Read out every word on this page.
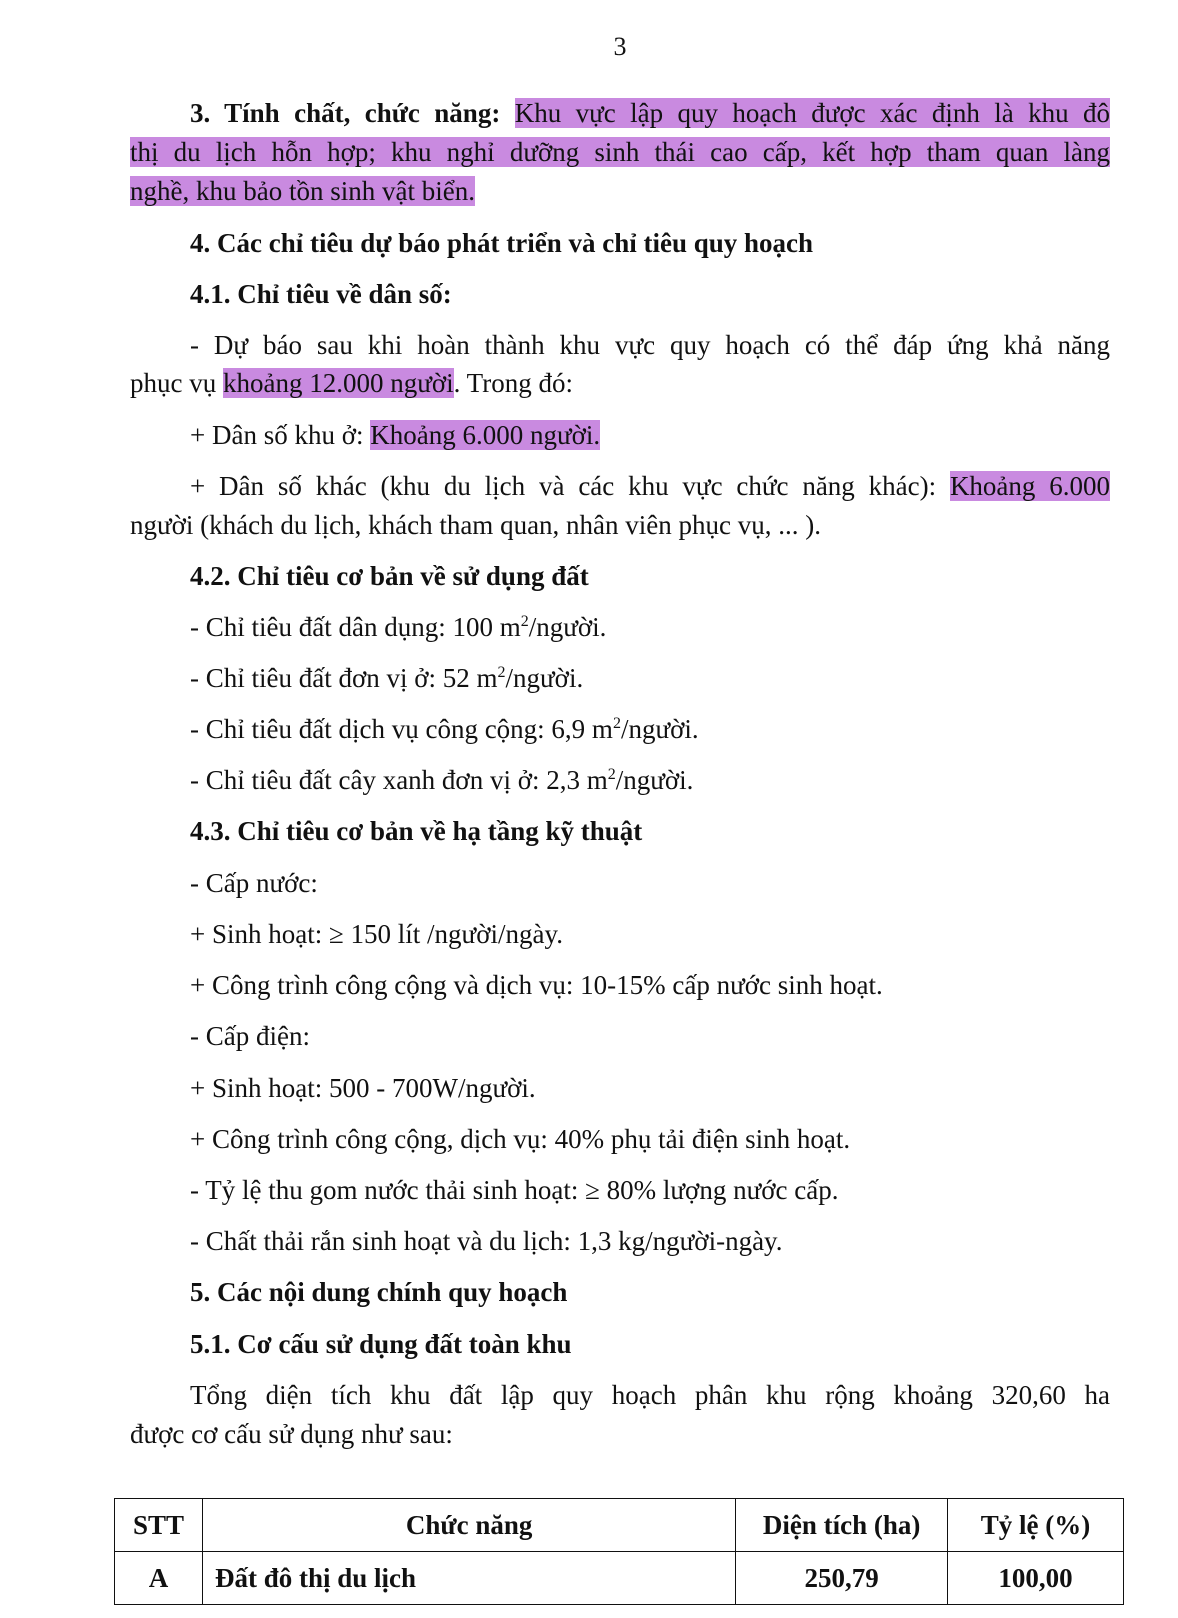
3
3. Tính chất, chức năng: Khu vực lập quy hoạch được xác định là khu đô
thị du lịch hỗn hợp; khu nghỉ dưỡng sinh thái cao cấp, kết hợp tham quan làng
nghề, khu bảo tồn sinh vật biển.
4. Các chỉ tiêu dự báo phát triển và chỉ tiêu quy hoạch
4.1. Chỉ tiêu về dân số:
- Dự báo sau khi hoàn thành khu vực quy hoạch có thể đáp ứng khả năng
phục vụ khoảng 12.000 người. Trong đó:
+ Dân số khu ở: Khoảng 6.000 người.
+ Dân số khác (khu du lịch và các khu vực chức năng khác): Khoảng 6.000
người (khách du lịch, khách tham quan, nhân viên phục vụ, ... ).
4.2. Chỉ tiêu cơ bản về sử dụng đất
- Chỉ tiêu đất dân dụng: 100 $m^2$/người.
- Chỉ tiêu đất đơn vị ở: 52 $m^2$/người.
- Chỉ tiêu đất dịch vụ công cộng: 6,9 $m^2$/người.
- Chỉ tiêu đất cây xanh đơn vị ở: 2,3 $m^2$/người.
4.3. Chỉ tiêu cơ bản về hạ tầng kỹ thuật
- Cấp nước:
+ Sinh hoạt: ≥ 150 lít /người/ngày.
+ Công trình công cộng và dịch vụ: 10-15% cấp nước sinh hoạt.
- Cấp điện:
+ Sinh hoạt: 500 - 700W/người.
+ Công trình công cộng, dịch vụ: 40% phụ tải điện sinh hoạt.
- Tỷ lệ thu gom nước thải sinh hoạt: ≥ 80% lượng nước cấp.
- Chất thải rắn sinh hoạt và du lịch: 1,3 kg/người-ngày.
5. Các nội dung chính quy hoạch
5.1. Cơ cấu sử dụng đất toàn khu
Tổng diện tích khu đất lập quy hoạch phân khu rộng khoảng 320,60 ha
được cơ cấu sử dụng như sau:
STT	Chức năng	Diện tích (ha)	Tỷ lệ (%)
A	Đất đô thị du lịch	250,79	100,00
